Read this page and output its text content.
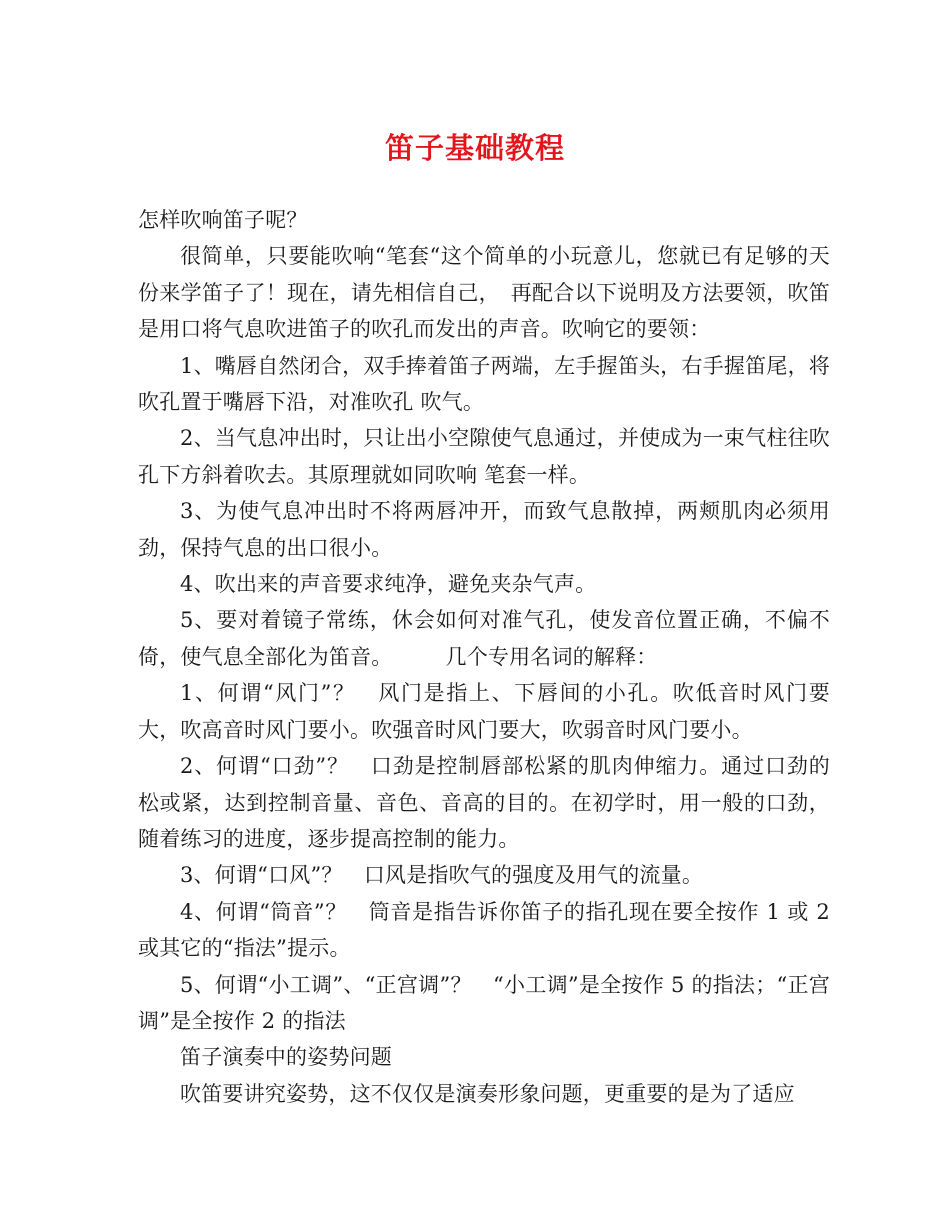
笛子基础教程

怎样吹响笛子呢？

很简单，只要能吹响“笔套“这个简单的小玩意儿，您就已有足够的天份来学笛子了！现在，请先相信自己，　再配合以下说明及方法要领，吹笛是用口将气息吹进笛子的吹孔而发出的声音。吹响它的要领：

1、嘴唇自然闭合，双手捧着笛子两端，左手握笛头，右手握笛尾，将吹孔置于嘴唇下沿，对准吹孔 吹气。

2、当气息冲出时，只让出小空隙使气息通过，并使成为一束气柱往吹孔下方斜着吹去。其原理就如同吹响 笔套一样。

3、为使气息冲出时不将两唇冲开，而致气息散掉，两颊肌肉必须用劲，保持气息的出口很小。

4、吹出来的声音要求纯净，避免夹杂气声。

5、要对着镜子常练，休会如何对准气孔，使发音位置正确，不偏不倚，使气息全部化为笛音。　　　几个专用名词的解释：

1、何谓“风门”？　风门是指上、下唇间的小孔。吹低音时风门要大，吹高音时风门要小。吹强音时风门要大，吹弱音时风门要小。

2、何谓“口劲”？　口劲是控制唇部松紧的肌肉伸缩力。通过口劲的松或紧，达到控制音量、音色、音高的目的。在初学时，用一般的口劲，随着练习的进度，逐步提高控制的能力。

3、何谓“口风”？　口风是指吹气的强度及用气的流量。

4、何谓“筒音”？　筒音是指告诉你笛子的指孔现在要全按作 1 或 2 或其它的“指法”提示。

5、何谓“小工调”、“正宫调”？　“小工调”是全按作 5 的指法；“正宫调”是全按作 2 的指法

笛子演奏中的姿势问题

吹笛要讲究姿势，这不仅仅是演奏形象问题，更重要的是为了适应
